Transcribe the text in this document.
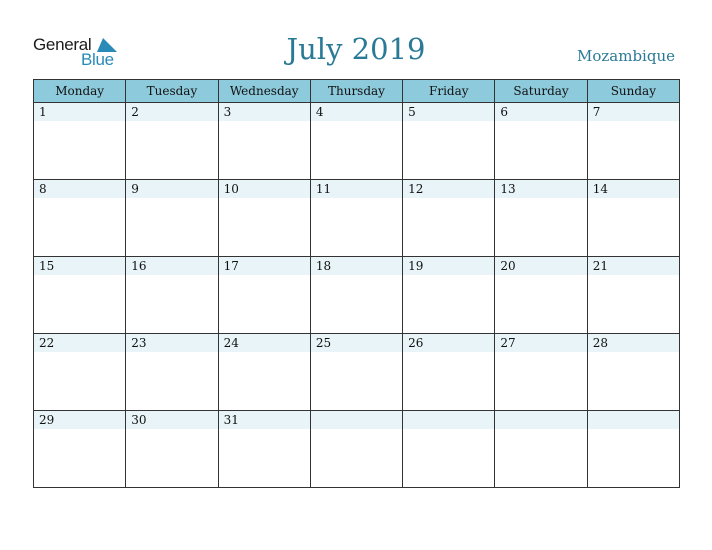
General
Blue	July 2019	Mozambique
Monday	Tuesday	Wednesday	Thursday	Friday	Saturday	Sunday

1	2	3	4	5	6	7

8	9	10	11	12	13	14

15	16	17	18	19	20	21

22	23	24	25	26	27	28

29	30	31				
